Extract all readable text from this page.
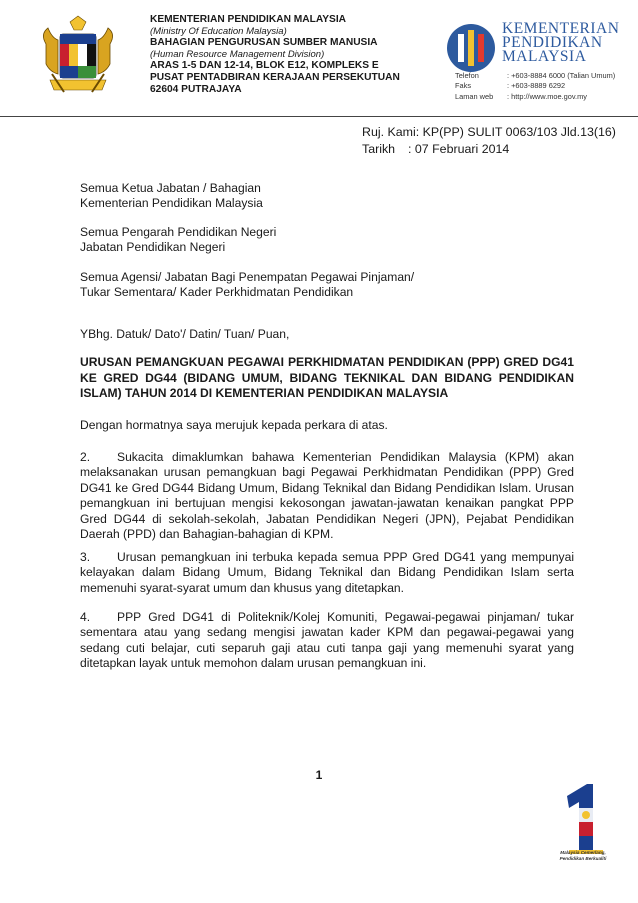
KEMENTERIAN PENDIDIKAN MALAYSIA
(Ministry Of Education Malaysia)
BAHAGIAN PENGURUSAN SUMBER MANUSIA
(Human Resource Management Division)
ARAS 1-5 DAN 12-14, BLOK E12, KOMPLEKS E
PUSAT PENTADBIRAN KERAJAAN PERSEKUTUAN
62604 PUTRAJAYA
KEMENTERIAN
PENDIDIKAN
MALAYSIA
Telefon	: +603-8884 6000 (Talian Umum)
Faks	: +603-8889 6292
Laman web	: http://www.moe.gov.my
Ruj. Kami: KP(PP) SULIT 0063/103 Jld.13(16)
Tarikh	: 07 Februari 2014
Semua Ketua Jabatan / Bahagian
Kementerian Pendidikan Malaysia
Semua Pengarah Pendidikan Negeri
Jabatan Pendidikan Negeri
Semua Agensi/ Jabatan Bagi Penempatan Pegawai Pinjaman/
Tukar Sementara/ Kader Perkhidmatan Pendidikan
YBhg. Datuk/ Dato'/ Datin/ Tuan/ Puan,
URUSAN PEMANGKUAN PEGAWAI PERKHIDMATAN PENDIDIKAN (PPP) GRED DG41 KE GRED DG44 (BIDANG UMUM, BIDANG TEKNIKAL DAN BIDANG PENDIDIKAN ISLAM) TAHUN 2014 DI KEMENTERIAN PENDIDIKAN MALAYSIA
Dengan hormatnya saya merujuk kepada perkara di atas.
2. Sukacita dimaklumkan bahawa Kementerian Pendidikan Malaysia (KPM) akan melaksanakan urusan pemangkuan bagi Pegawai Perkhidmatan Pendidikan (PPP) Gred DG41 ke Gred DG44 Bidang Umum, Bidang Teknikal dan Bidang Pendidikan Islam. Urusan pemangkuan ini bertujuan mengisi kekosongan jawatan-jawatan kenaikan pangkat PPP Gred DG44 di sekolah-sekolah, Jabatan Pendidikan Negeri (JPN), Pejabat Pendidikan Daerah (PPD) dan Bahagian-bahagian di KPM.
3. Urusan pemangkuan ini terbuka kepada semua PPP Gred DG41 yang mempunyai kelayakan dalam Bidang Umum, Bidang Teknikal dan Bidang Pendidikan Islam serta memenuhi syarat-syarat umum dan khusus yang ditetapkan.
4. PPP Gred DG41 di Politeknik/Kolej Komuniti, Pegawai-pegawai pinjaman/ tukar sementara atau yang sedang mengisi jawatan kader KPM dan pegawai-pegawai yang sedang cuti belajar, cuti separuh gaji atau cuti tanpa gaji yang memenuhi syarat yang ditetapkan layak untuk memohon dalam urusan pemangkuan ini.
1
Malaysia Cemerlang, Pendidikan Berkualiti
